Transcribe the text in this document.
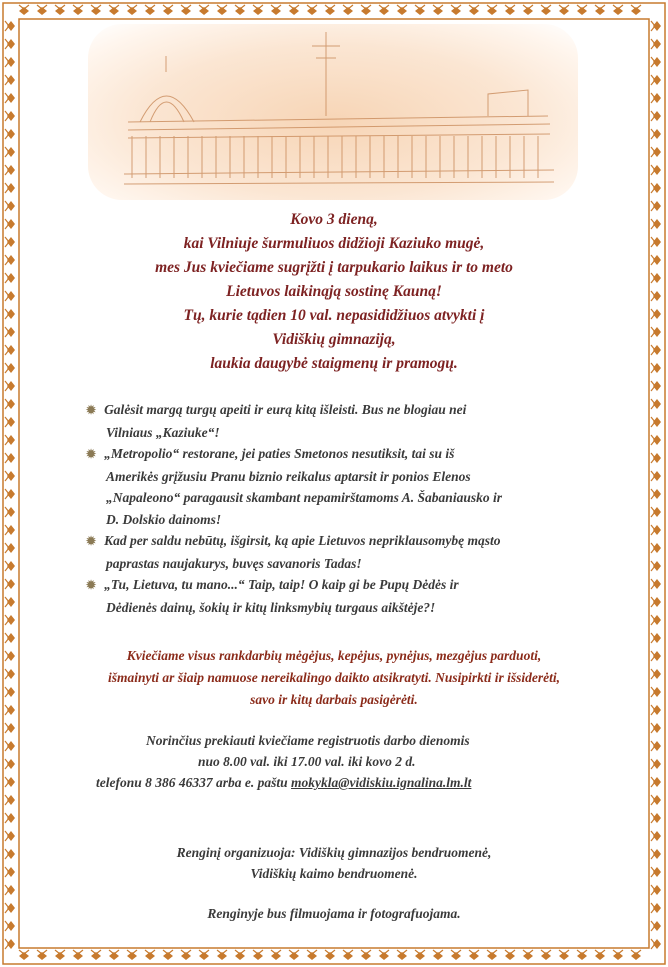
Kovo 3 dieną,
kai Vilniuje šurmuliuos didžioji Kaziuko mugė,
mes Jus kviečiame sugrįžti į tarpukario laikus ir to meto
Lietuvos laikinąją sostinę Kauną!
Tų, kurie tądien 10 val. nepasididžiuos atvykti į
Vidiškių gimnaziją,
laukia daugybė staigmenų ir pramogų.
✹ Galėsit margą turgų apeiti ir eurą kitą išleisti. Bus ne blogiau nei
Vilniaus „Kaziuke“!
✹ „Metropolio“ restorane, jei paties Smetonos nesutiksit, tai su iš
Amerikės grįžusiu Pranu biznio reikalus aptarsit ir ponios Elenos
„Napaleono“ paragausit skambant nepamirštamoms A. Šabaniausko ir
D. Dolskio dainoms!
✹ Kad per saldu nebūtų, išgirsit, ką apie Lietuvos nepriklausomybę mąsto
paprastas naujakurys, buvęs savanoris Tadas!
✹ „Tu, Lietuva, tu mano...“ Taip, taip! O kaip gi be Pupų Dėdės ir
Dėdienės dainų, šokių ir kitų linksmybių turgaus aikštėje?!
Kviečiame visus rankdarbių mėgėjus, kepėjus, pynėjus, mezgėjus parduoti,
išmainyti ar šiaip namuose nereikalingo daikto atsikratyti. Nusipirkti ir išsiderėti,
savo ir kitų darbais pasigėrėti.
Norinčius prekiauti kviečiame registruotis darbo dienomis
nuo 8.00 val. iki 17.00 val. iki kovo 2 d.
telefonu 8 386 46337 arba e. paštu mokykla@vidiskiu.ignalina.lm.lt
Renginį organizuoja: Vidiškių gimnazijos bendruomenė,
Vidiškių kaimo bendruomenė.
Renginyje bus filmuojama ir fotografuojama.
